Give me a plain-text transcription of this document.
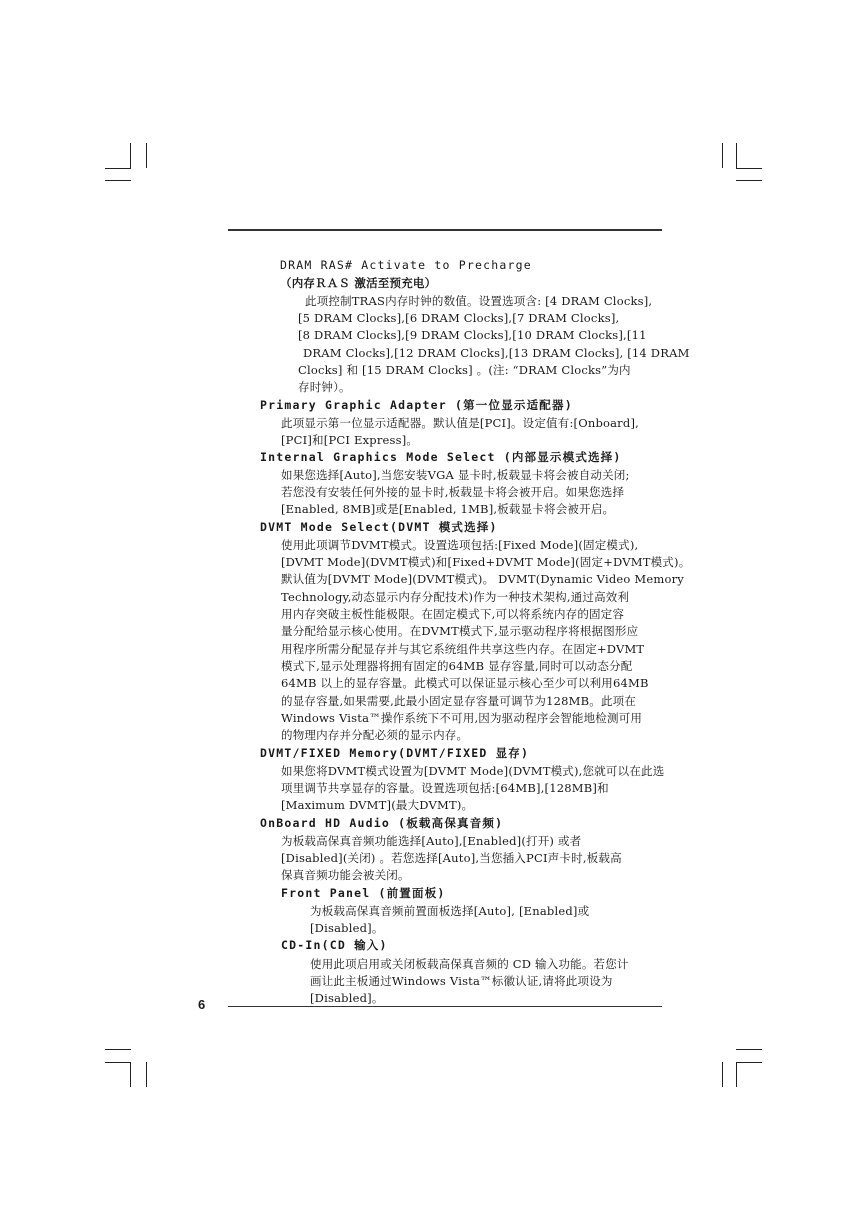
6

DRAM RAS# Activate to Precharge

（内存ＲＡＳ 激活至预充电）

此项控制TRAS内存时钟的数值。设置选项含: [4 DRAM Clocks],

[5 DRAM Clocks],[6 DRAM Clocks],[7 DRAM Clocks],

[8 DRAM Clocks],[9 DRAM Clocks],[10 DRAM Clocks],[11

DRAM Clocks],[12 DRAM Clocks],[13 DRAM Clocks], [14 DRAM

Clocks] 和 [15 DRAM Clocks] 。(注: “DRAM Clocks”为内

存时钟）。

Primary Graphic Adapter (第一位显示适配器)

此项显示第一位显示适配器。默认值是[PCI]。设定值有:[Onboard],

[PCI]和[PCI Express]。

Internal Graphics Mode Select (内部显示模式选择)

如果您选择[Auto],当您安装VGA 显卡时,板载显卡将会被自动关闭;

若您没有安装任何外接的显卡时,板载显卡将会被开启。如果您选择

[Enabled, 8MB]或是[Enabled, 1MB],板载显卡将会被开启。

DVMT Mode Select(DVMT 模式选择)

使用此项调节DVMT模式。设置选项包括:[Fixed Mode](固定模式),

[DVMT Mode](DVMT模式)和[Fixed+DVMT Mode](固定+DVMT模式)。

默认值为[DVMT Mode](DVMT模式)。 DVMT(Dynamic Video Memory

Technology,动态显示内存分配技术)作为一种技术架构,通过高效利

用内存突破主板性能极限。在固定模式下,可以将系统内存的固定容

量分配给显示核心使用。在DVMT模式下,显示驱动程序将根据图形应

用程序所需分配显存并与其它系统组件共享这些内存。在固定+DVMT

模式下,显示处理器将拥有固定的64MB 显存容量,同时可以动态分配

64MB 以上的显存容量。此模式可以保证显示核心至少可以利用64MB

的显存容量,如果需要,此最小固定显存容量可调节为128MB。此项在

Windows Vista™操作系统下不可用,因为驱动程序会智能地检测可用

的物理内存并分配必须的显示内存。

DVMT/FIXED Memory(DVMT/FIXED 显存)

如果您将DVMT模式设置为[DVMT Mode](DVMT模式),您就可以在此选

项里调节共享显存的容量。设置选项包括:[64MB],[128MB]和

[Maximum DVMT](最大DVMT)。

OnBoard HD Audio (板载高保真音频)

为板载高保真音频功能选择[Auto],[Enabled](打开) 或者

[Disabled](关闭) 。若您选择[Auto],当您插入PCI声卡时,板载高

保真音频功能会被关闭。

Front Panel (前置面板)

为板载高保真音频前置面板选择[Auto], [Enabled]或

[Disabled]。

CD-In(CD 输入)

使用此项启用或关闭板载高保真音频的 CD 输入功能。若您计

画让此主板通过Windows Vista™标徽认证,请将此项设为

[Disabled]。
